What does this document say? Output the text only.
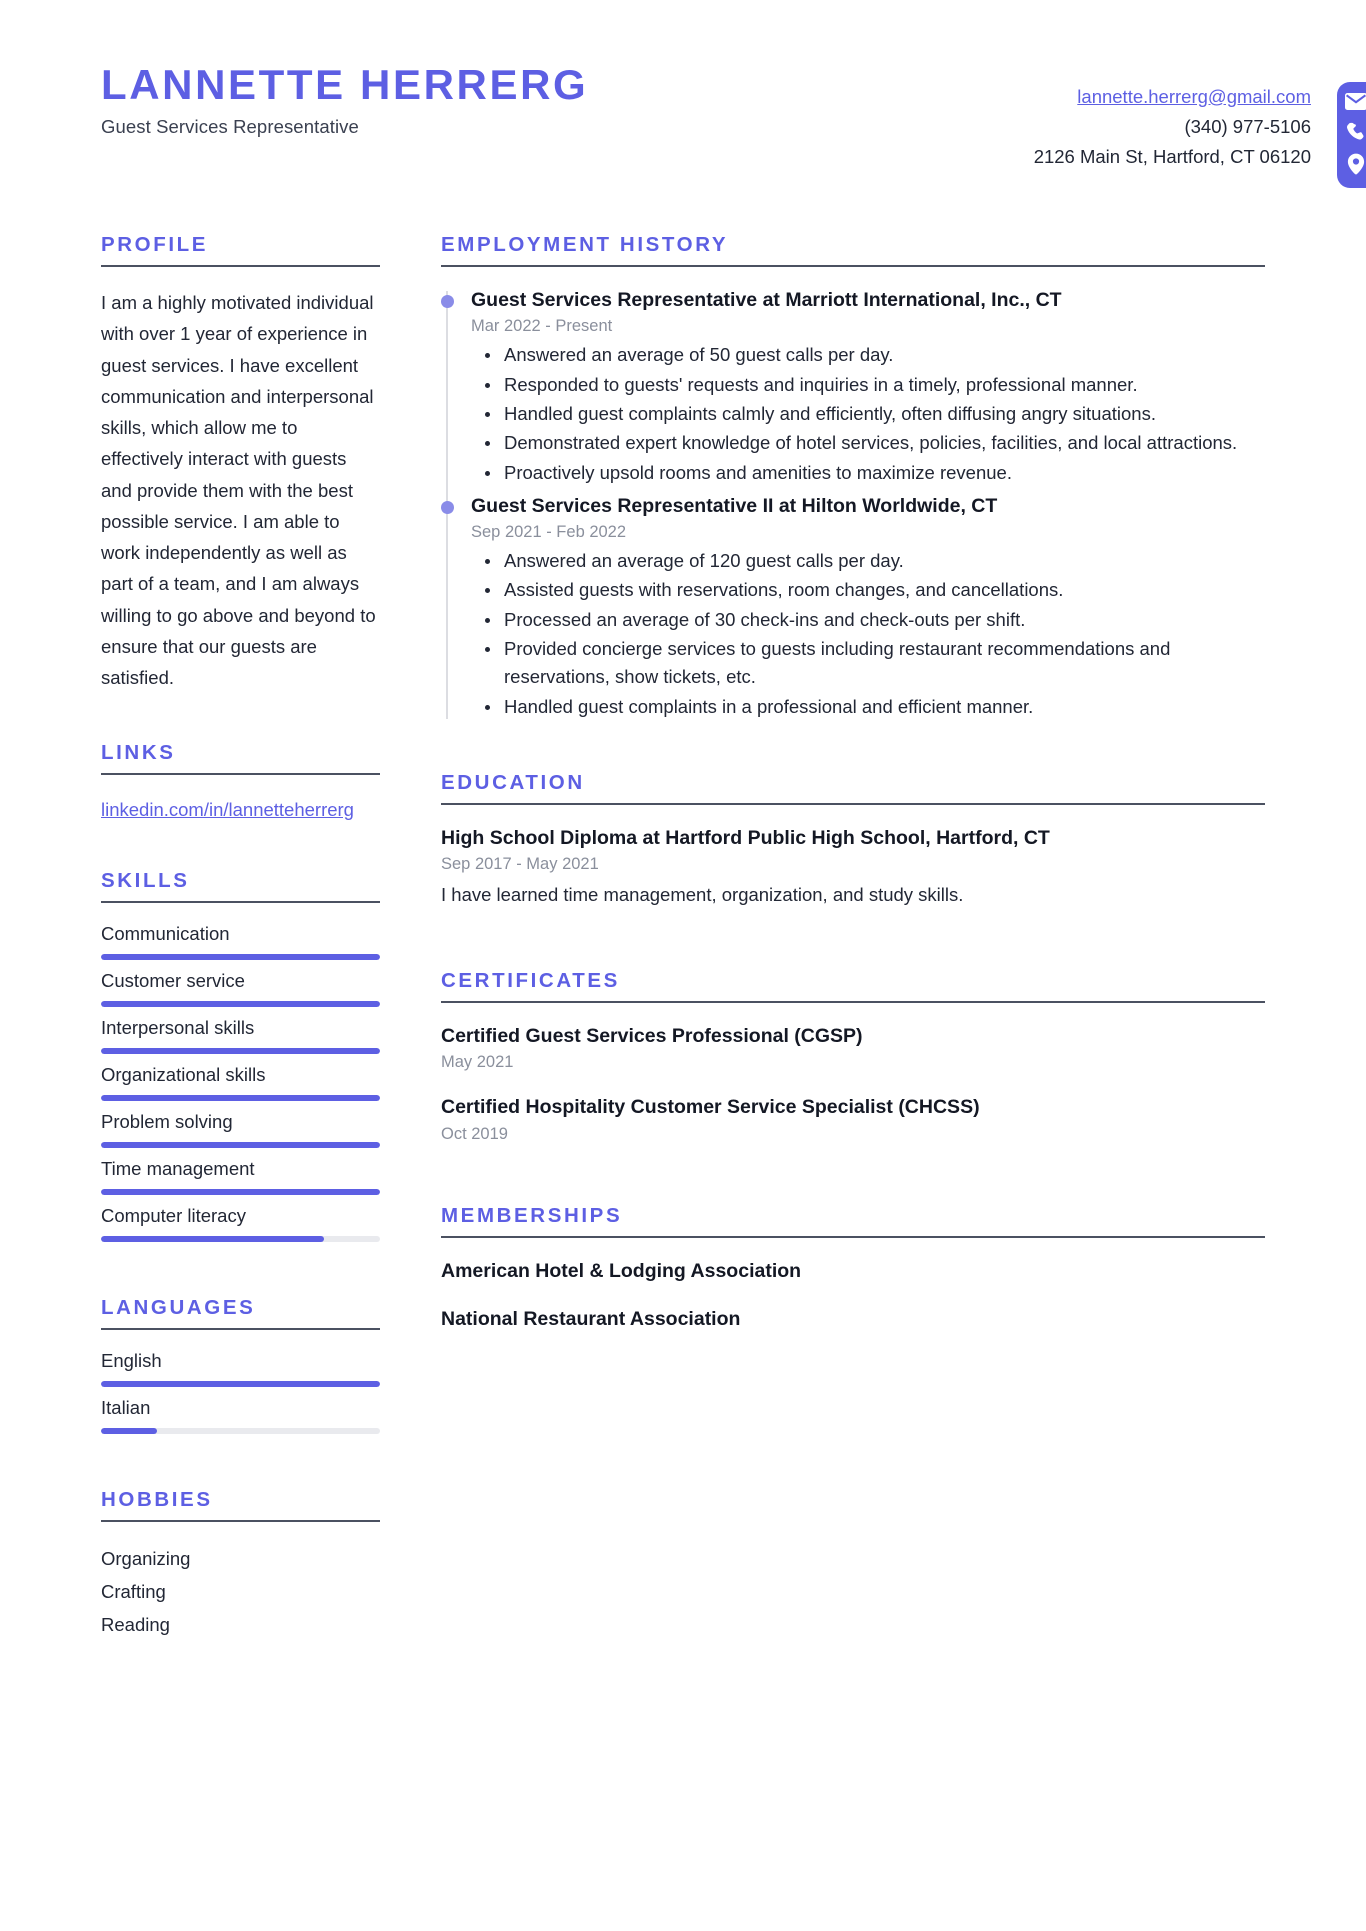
LANNETTE HERRERG
Guest Services Representative
lannette.herrerg@gmail.com
(340) 977-5106
2126 Main St, Hartford, CT 06120
PROFILE
I am a highly motivated individual with over 1 year of experience in guest services. I have excellent communication and interpersonal skills, which allow me to effectively interact with guests and provide them with the best possible service. I am able to work independently as well as part of a team, and I am always willing to go above and beyond to ensure that our guests are satisfied.
LINKS
linkedin.com/in/lannetteherrerg
SKILLS
Communication
Customer service
Interpersonal skills
Organizational skills
Problem solving
Time management
Computer literacy
LANGUAGES
English
Italian
HOBBIES
Organizing
Crafting
Reading
EMPLOYMENT HISTORY
Guest Services Representative at Marriott International, Inc., CT
Mar 2022 - Present
Answered an average of 50 guest calls per day.
Responded to guests' requests and inquiries in a timely, professional manner.
Handled guest complaints calmly and efficiently, often diffusing angry situations.
Demonstrated expert knowledge of hotel services, policies, facilities, and local attractions.
Proactively upsold rooms and amenities to maximize revenue.
Guest Services Representative II at Hilton Worldwide, CT
Sep 2021 - Feb 2022
Answered an average of 120 guest calls per day.
Assisted guests with reservations, room changes, and cancellations.
Processed an average of 30 check-ins and check-outs per shift.
Provided concierge services to guests including restaurant recommendations and reservations, show tickets, etc.
Handled guest complaints in a professional and efficient manner.
EDUCATION
High School Diploma at Hartford Public High School, Hartford, CT
Sep 2017 - May 2021
I have learned time management, organization, and study skills.
CERTIFICATES
Certified Guest Services Professional (CGSP)
May 2021
Certified Hospitality Customer Service Specialist (CHCSS)
Oct 2019
MEMBERSHIPS
American Hotel & Lodging Association
National Restaurant Association
